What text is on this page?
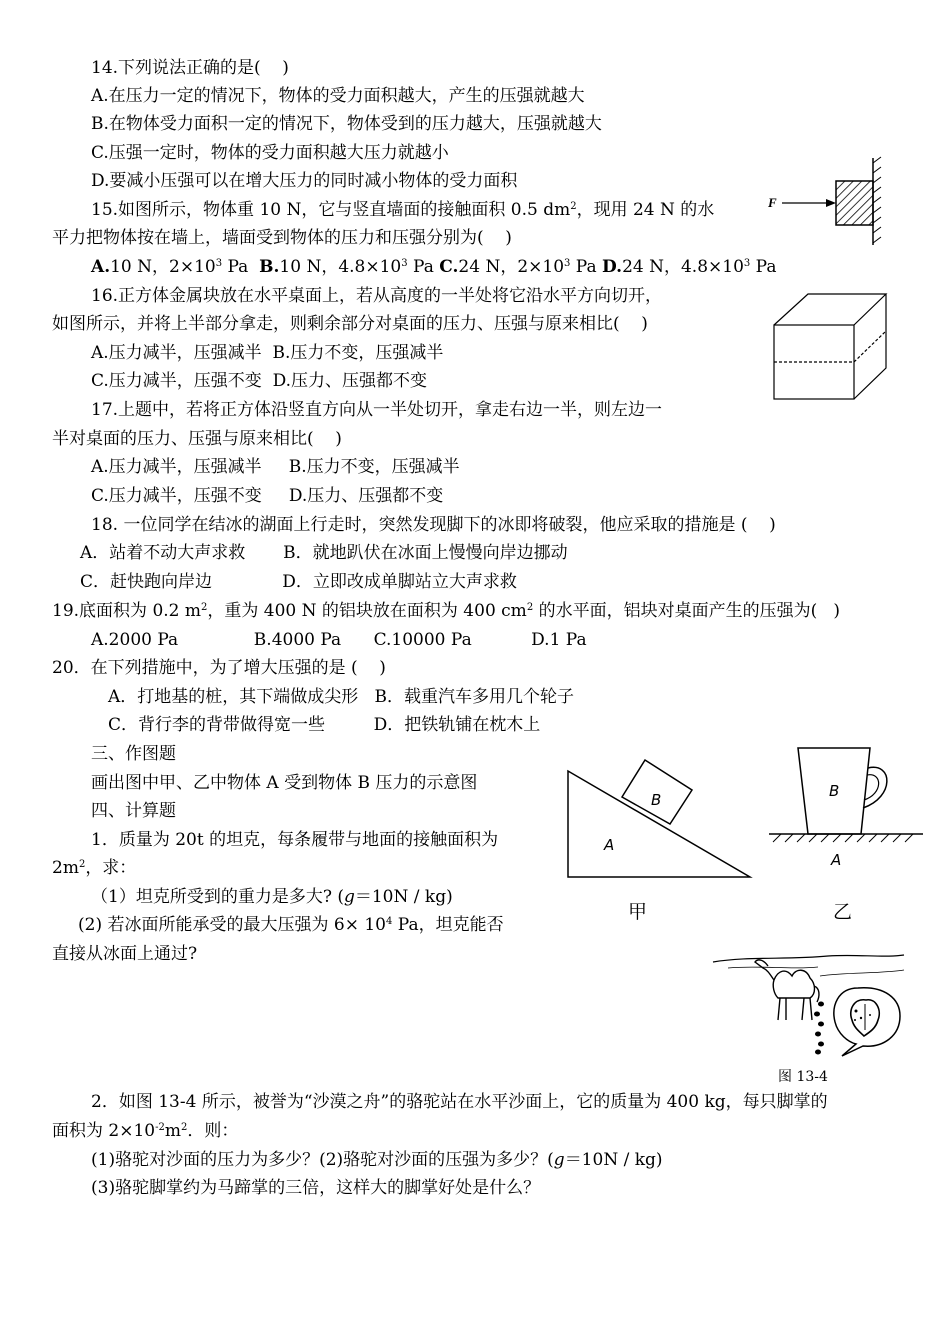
14.下列说法正确的是(    )
A.在压力一定的情况下，物体的受力面积越大，产生的压强就越大
B.在物体受力面积一定的情况下，物体受到的压力越大，压强就越大
C.压强一定时，物体的受力面积越大压力就越小
D.要减小压强可以在增大压力的同时减小物体的受力面积
15.如图所示，物体重 10 N，它与竖直墙面的接触面积 0.5 $dm^2$，现用 24 N 的水
平力把物体按在墙上，墙面受到物体的压力和压强分别为(    )
A.10 N，$2\times 10^3$ Pa B.10 N，$4.8\times 10^3$ Pa C.24 N，$2\times 10^3$ Pa D.24 N，$4.8\times 10^3$ Pa
F
16.正方体金属块放在水平桌面上，若从高度的一半处将它沿水平方向切开，
如图所示，并将上半部分拿走，则剩余部分对桌面的压力、压强与原来相比(    )
A.压力减半，压强减半  B.压力不变，压强减半
C.压力减半，压强不变  D.压力、压强都不变
17.上题中，若将正方体沿竖直方向从一半处切开，拿走右边一半，则左边一
半对桌面的压力、压强与原来相比(    )
A.压力减半，压强减半     B.压力不变，压强减半
C.压力减半，压强不变     D.压力、压强都不变
18. 一位同学在结冰的湖面上行走时，突然发现脚下的冰即将破裂，他应采取的措施是 (    )
A．站着不动大声求救       B．就地趴伏在冰面上慢慢向岸边挪动
C．赶快跑向岸边             D．立即改成单脚站立大声求救
19.底面积为 0.2 $m^2$，重为 400 N 的铝块放在面积为 400 $cm^2$ 的水平面，铝块对桌面产生的压强为(   )
A.2000 Pa              B.4000 Pa      C.10000 Pa           D.1 Pa
20．在下列措施中，为了增大压强的是 (    )
A．打地基的桩，其下端做成尖形   B．载重汽车多用几个轮子
C．背行李的背带做得宽一些         D．把铁轨铺在枕木上
三、作图题
画出图中甲、乙中物体 A 受到物体 B 压力的示意图
B
A
甲
B
A
乙
四、计算题
1．质量为 20t 的坦克，每条履带与地面的接触面积为
$2m^2$，求：
（1）坦克所受到的重力是多大? (g＝10N / kg)
(2) 若冰面所能承受的最大压强为 $6\times 10^4$ Pa，坦克能否
直接从冰面上通过?
图 13-4
2．如图 13-4 所示，被誉为“沙漠之舟”的骆驼站在水平沙面上，它的质量为 400 kg，每只脚掌的
面积为 $2\times 10^{-2}m^2$．则：
(1)骆驼对沙面的压力为多少？(2)骆驼对沙面的压强为多少？(g＝10N / kg)
(3)骆驼脚掌约为马蹄掌的三倍，这样大的脚掌好处是什么？
